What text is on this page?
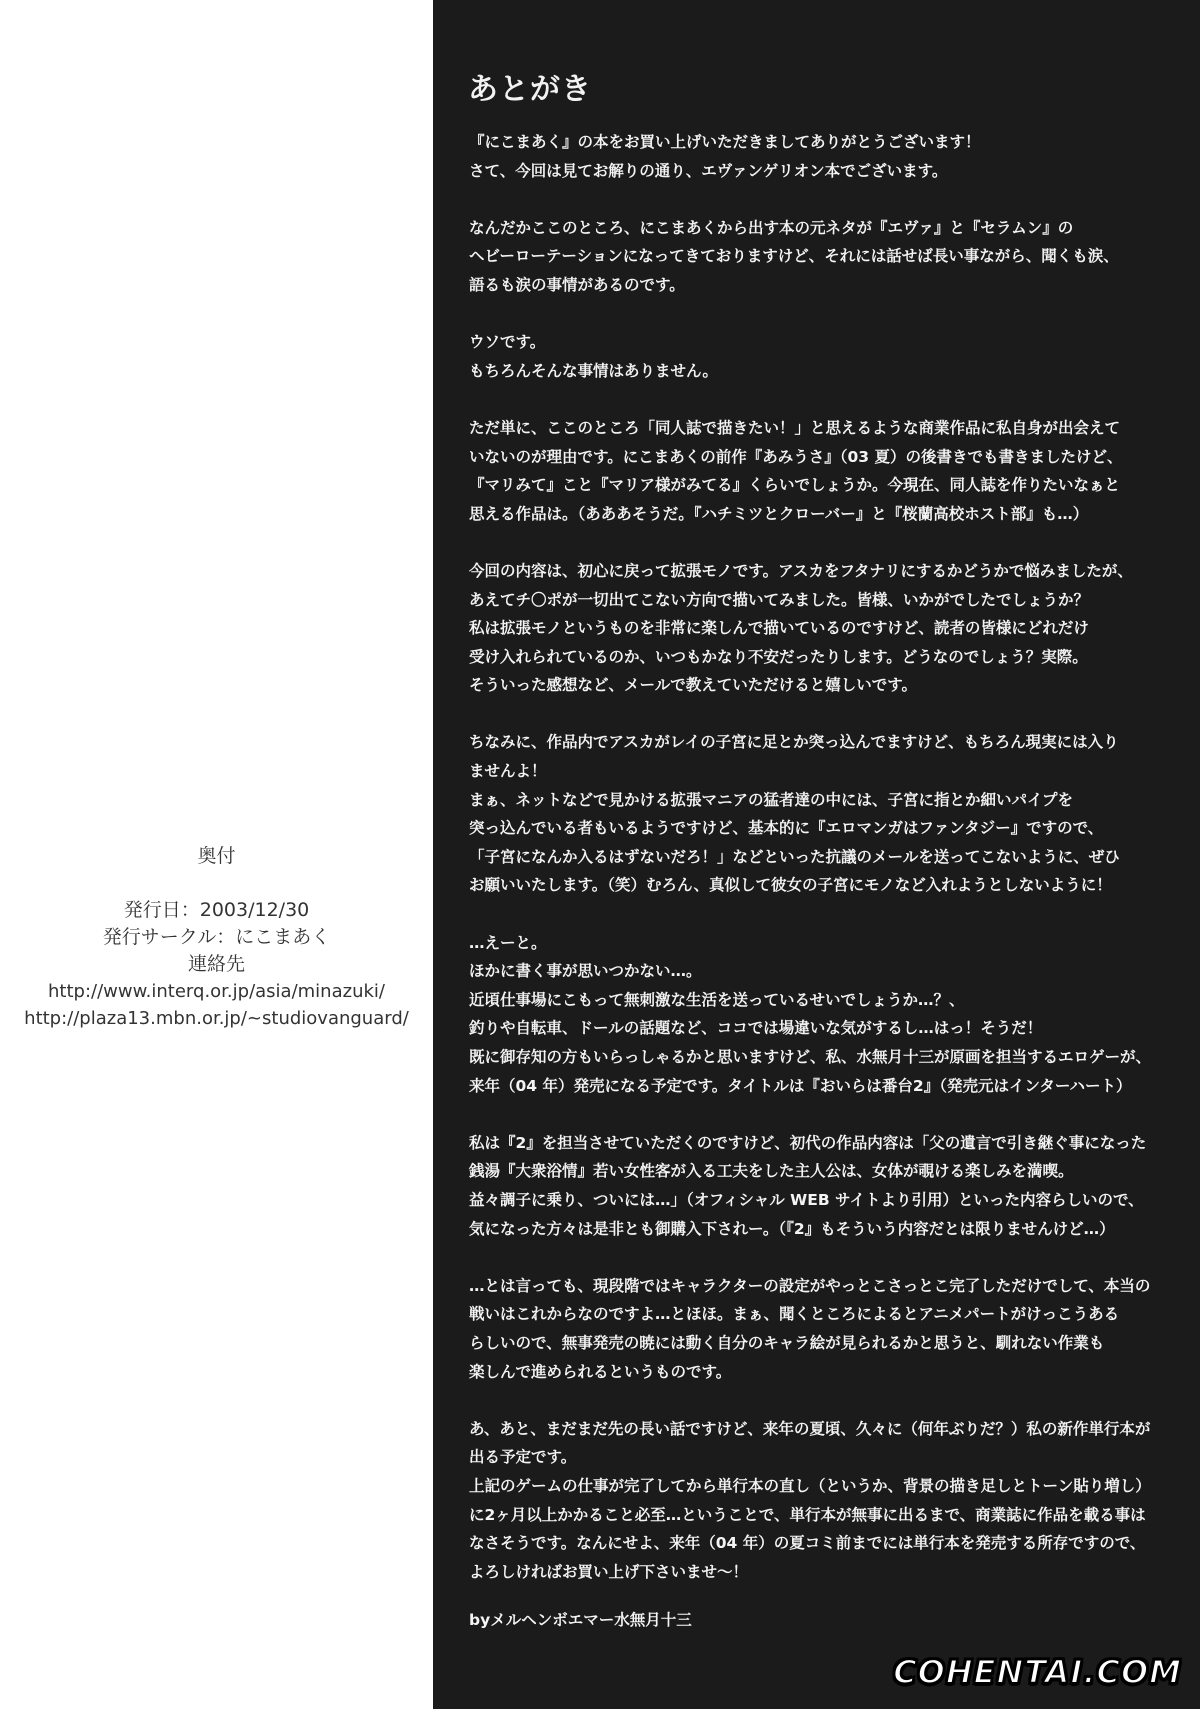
奥付

発行日：2003/12/30

発行サークル：にこまあく

連絡先

http://www.interq.or.jp/asia/minazuki/

http://plaza13.mbn.or.jp/~studiovanguard/

あとがき
『にこまあく』の本をお買い上げいただきましてありがとうございます！
さて、今回は見てお解りの通り、エヴァンゲリオン本でございます。
なんだかここのところ、にこまあくから出す本の元ネタが『エヴァ』と『セラムン』の
ヘビーローテーションになってきておりますけど、それには話せば長い事ながら、聞くも涙、
語るも涙の事情があるのです。
ウソです。
もちろんそんな事情はありません。
ただ単に、ここのところ「同人誌で描きたい！」と思えるような商業作品に私自身が出会えて
いないのが理由です。にこまあくの前作『あみうさ』（03 夏）の後書きでも書きましたけど、
『マリみて』こと『マリア様がみてる』くらいでしょうか。今現在、同人誌を作りたいなぁと
思える作品は。（あああそうだ。『ハチミツとクローバー』と『桜蘭高校ホスト部』も…）
今回の内容は、初心に戻って拡張モノです。アスカをフタナリにするかどうかで悩みましたが、
あえてチ〇ポが一切出てこない方向で描いてみました。皆様、いかがでしたでしょうか？
私は拡張モノというものを非常に楽しんで描いているのですけど、読者の皆様にどれだけ
受け入れられているのか、いつもかなり不安だったりします。どうなのでしょう？実際。
そういった感想など、メールで教えていただけると嬉しいです。
ちなみに、作品内でアスカがレイの子宮に足とか突っ込んでますけど、もちろん現実には入り
ませんよ！
まぁ、ネットなどで見かける拡張マニアの猛者達の中には、子宮に指とか細いパイプを
突っ込んでいる者もいるようですけど、基本的に『エロマンガはファンタジー』ですので、
「子宮になんか入るはずないだろ！」などといった抗議のメールを送ってこないように、ぜひ
お願いいたします。（笑）むろん、真似して彼女の子宮にモノなど入れようとしないように！
…えーと。
ほかに書く事が思いつかない…。
近頃仕事場にこもって無刺激な生活を送っているせいでしょうか…？、
釣りや自転車、ドールの話題など、ココでは場違いな気がするし…はっ！そうだ！
既に御存知の方もいらっしゃるかと思いますけど、私、水無月十三が原画を担当するエロゲーが、
来年（04 年）発売になる予定です。タイトルは『おいらは番台2』（発売元はインターハート）
私は『2』を担当させていただくのですけど、初代の作品内容は「父の遺言で引き継ぐ事になった
銭湯『大衆浴情』若い女性客が入る工夫をした主人公は、女体が覗ける楽しみを満喫。
益々調子に乗り、ついには…」（オフィシャル WEB サイトより引用）といった内容らしいので、
気になった方々は是非とも御購入下されー。（『2』もそういう内容だとは限りませんけど…）
…とは言っても、現段階ではキャラクターの設定がやっとこさっとこ完了しただけでして、本当の
戦いはこれからなのですよ…とほほ。まぁ、聞くところによるとアニメパートがけっこうある
らしいので、無事発売の暁には動く自分のキャラ絵が見られるかと思うと、馴れない作業も
楽しんで進められるというものです。
あ、あと、まだまだ先の長い話ですけど、来年の夏頃、久々に（何年ぶりだ？）私の新作単行本が
出る予定です。
上記のゲームの仕事が完了してから単行本の直し（というか、背景の描き足しとトーン貼り増し）
に2ヶ月以上かかること必至…ということで、単行本が無事に出るまで、商業誌に作品を載る事は
なさそうです。なんにせよ、来年（04 年）の夏コミ前までには単行本を発売する所存ですので、
よろしければお買い上げ下さいませ～！

byメルヘンボエマー水無月十三

COHENTAI.COM
